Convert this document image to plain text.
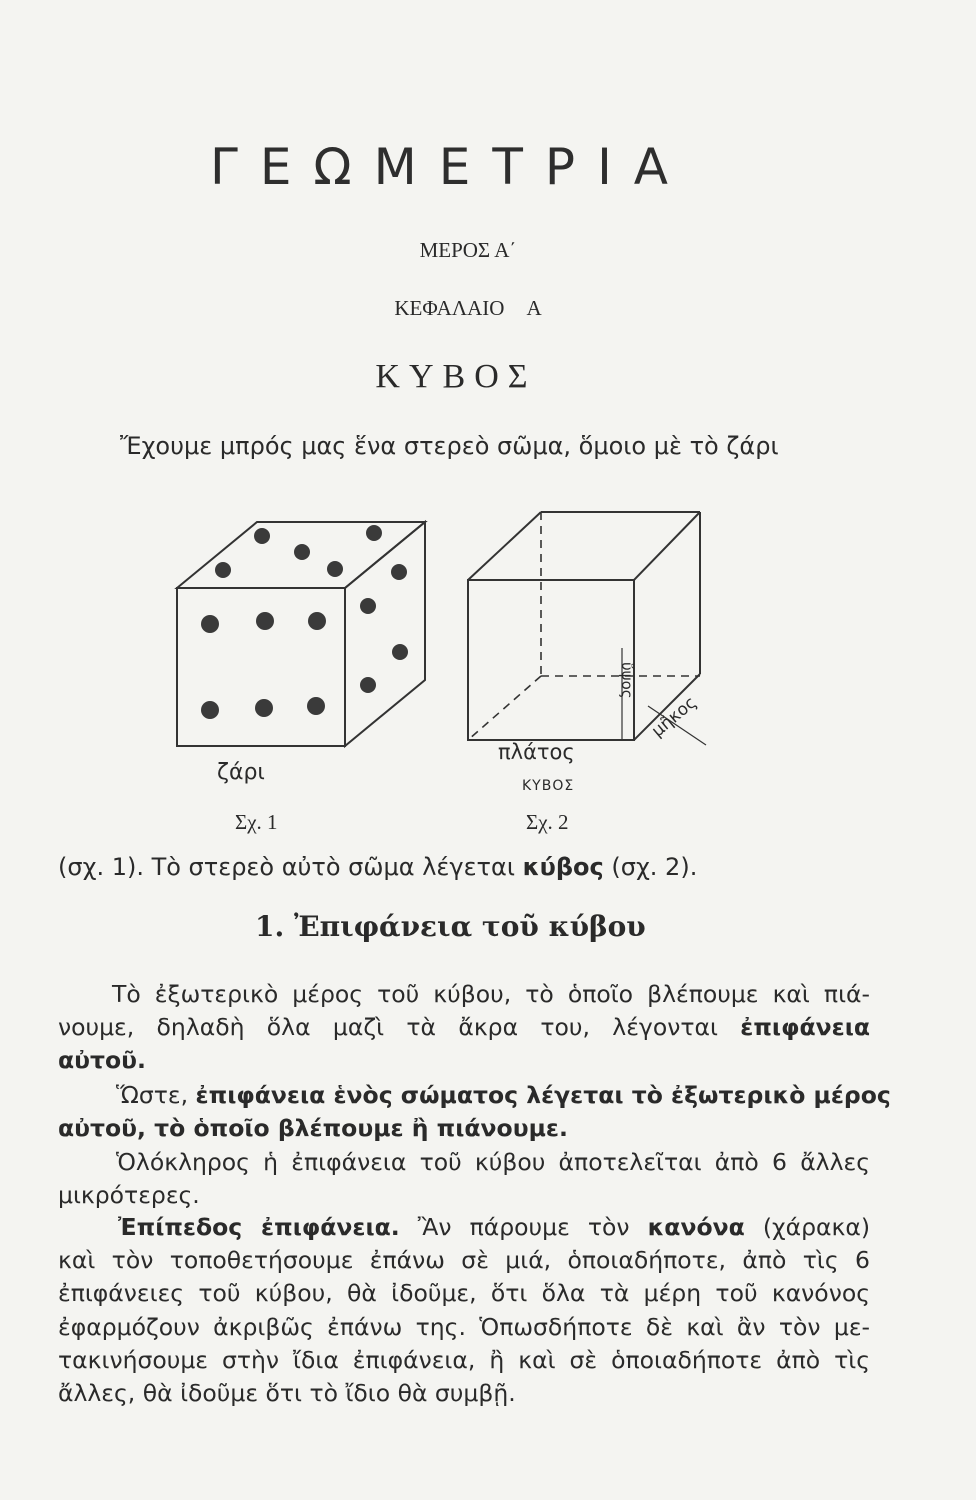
ΓΕΩΜΕΤΡΙΑ
ΜΕΡΟΣ Α΄
ΚΕΦΑΛΑΙΟ Α
ΚΥΒΟΣ
Ἔχουμε μπρός μας ἕνα στερεὸ σῶμα, ὅμοιο μὲ τὸ ζάρι
ζάρι
Σχ. 1
πλάτος
ΚΥΒΟΣ
Σχ. 2
ὕψος
μῆκος
(σχ. 1). Τὸ στερεὸ αὐτὸ σῶμα λέγεται κύβος (σχ. 2).
1. Ἐπιφάνεια τοῦ κύβου
Τὸ ἐξωτερικὸ μέρος τοῦ κύβου, τὸ ὁποῖο βλέπουμε καὶ πιά-
νουμε, δηλαδὴ ὅλα μαζὶ τὰ ἄκρα του, λέγονται ἐπιφάνεια
αὐτοῦ.
Ὥστε, ἐπιφάνεια ἑνὸς σώματος λέγεται τὸ ἐξωτερικὸ μέρος
αὐτοῦ, τὸ ὁποῖο βλέπουμε ἢ πιάνουμε.
Ὁλόκληρος ἡ ἐπιφάνεια τοῦ κύβου ἀποτελεῖται ἀπὸ 6 ἄλλες
μικρότερες.
Ἐπίπεδος ἐπιφάνεια. Ἂν πάρουμε τὸν κανόνα (χάρακα)
καὶ τὸν τοποθετήσουμε ἐπάνω σὲ μιά, ὁποιαδήποτε, ἀπὸ τὶς 6
ἐπιφάνειες τοῦ κύβου, θὰ ἰδοῦμε, ὅτι ὅλα τὰ μέρη τοῦ κανόνος
ἐφαρμόζουν ἀκριβῶς ἐπάνω της. Ὁπωσδήποτε δὲ καὶ ἂν τὸν με-
τακινήσουμε στὴν ἴδια ἐπιφάνεια, ἢ καὶ σὲ ὁποιαδήποτε ἀπὸ τὶς
ἄλλες, θὰ ἰδοῦμε ὅτι τὸ ἴδιο θὰ συμβῇ.
